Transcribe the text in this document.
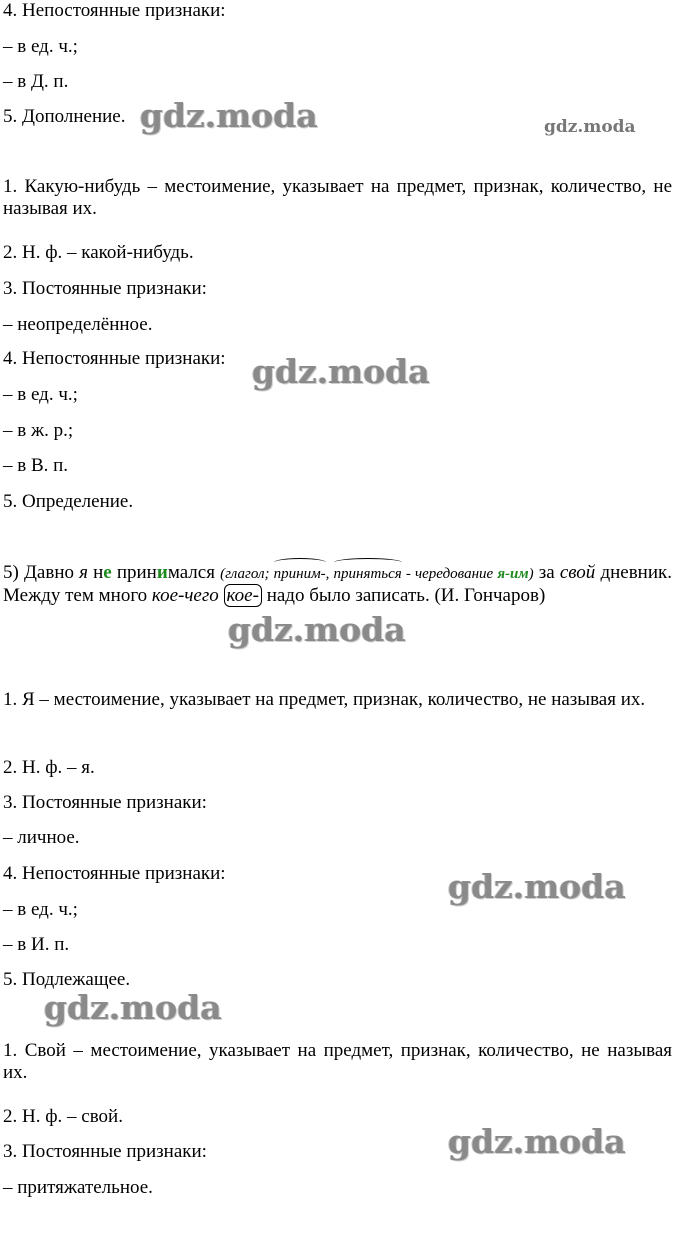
4. Непостоянные признаки:
– в ед. ч.;
– в Д. п.
5. Дополнение.
1. Какую-нибудь – местоимение, указывает на предмет, признак, количество, не называя их.
2. Н. ф. – какой-нибудь.
3. Постоянные признаки:
– неопределённое.
4. Непостоянные признаки:
– в ед. ч.;
– в ж. р.;
– в В. п.
5. Определение.
5) Давно я не принимался (глагол; приним-, приняться - чередование я-им) за свой дневник. Между тем много кое-чего кое- надо было записать. (И. Гончаров)
1. Я – местоимение, указывает на предмет, признак, количество, не называя их.
2. Н. ф. – я.
3. Постоянные признаки:
– личное.
4. Непостоянные признаки:
– в ед. ч.;
– в И. п.
5. Подлежащее.
1. Свой – местоимение, указывает на предмет, признак, количество, не называя их.
2. Н. ф. – свой.
3. Постоянные признаки:
– притяжательное.
gdz.moda	gdz.moda
gdz.moda
gdz.moda
gdz.moda
gdz.moda
gdz.moda
